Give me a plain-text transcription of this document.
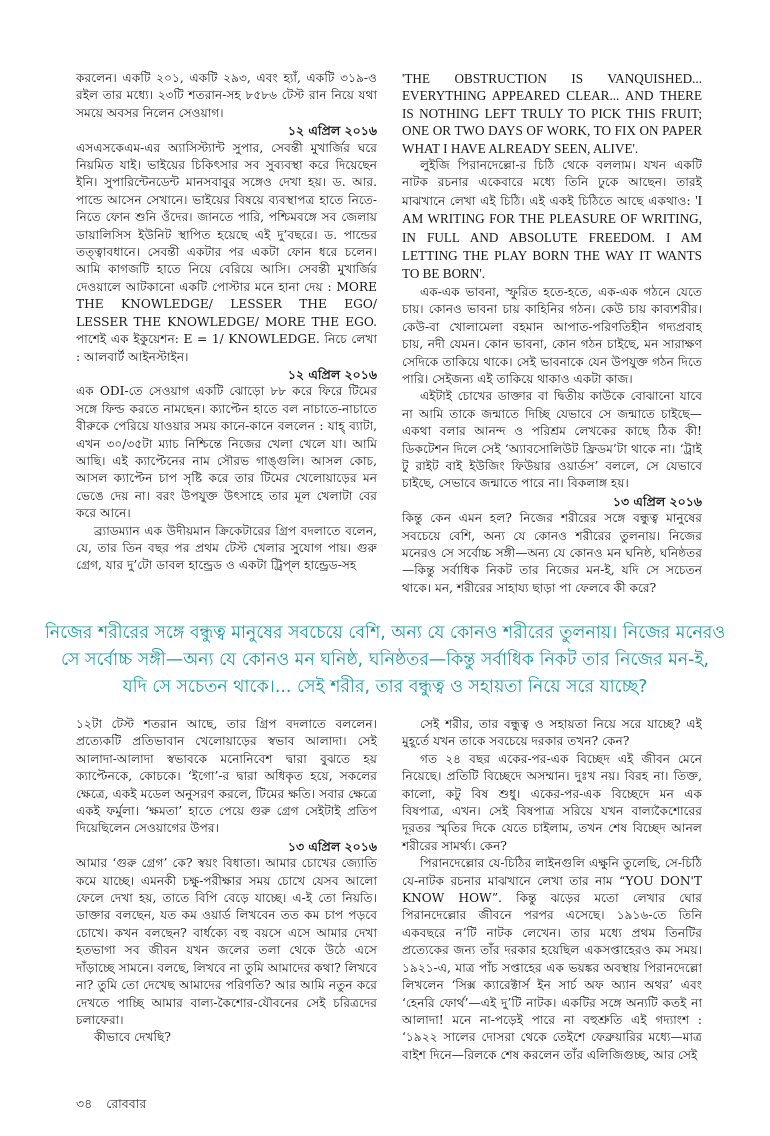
করলেন। একটি ২০১, একটি ২৯৩, এবং হ্যাঁ, একটি ৩১৯-ও রইল তার মধ্যে। ২৩টি শতরান-সহ ৮৫৮৬ টেস্ট রান নিয়ে যথা সময়ে অবসর নিলেন সেওয়াগ।

১২ এপ্রিল ২০১৬

এসএসকেএম-এর অ্যাসিস্ট্যান্ট সুপার, সেবন্তী মুখার্জির ঘরে নিয়মিত যাই। ভাইয়ের চিকিৎসার সব সুব্যবস্থা করে দিয়েছেন ইনি। সুপারিন্টেনডেন্ট মানসবাবুর সঙ্গেও দেখা হয়। ড. আর. পান্ডে আসেন সেখানে। ভাইয়ের বিষয়ে ব্যবস্থাপত্র হাতে নিতে-নিতে ফোন শুনি ওঁদের। জানতে পারি, পশ্চিমবঙ্গে সব জেলায় ডায়ালিসিস ইউনিট স্থাপিত হয়েছে এই দু’বছরে। ড. পান্ডের তত্ত্বাবধানে। সেবন্তী একটার পর একটা ফোন ধরে চলেন। আমি কাগজটি হাতে নিয়ে বেরিয়ে আসি। সেবন্তী মুখার্জির দেওয়ালে আটকানো একটি পোস্টার মনে হানা দেয় : MORE THE KNOWLEDGE/ LESSER THE EGO/ LESSER THE KNOWLEDGE/ MORE THE EGO. পাশেই এক ইকুয়েশন: E = 1/ KNOWLEDGE. নিচে লেখা : আলবার্ট আইনস্টাইন।

১২ এপ্রিল ২০১৬

এক ODI-তে সেওয়াগ একটি ঝোড়ো ৮৮ করে ফিরে টিমের সঙ্গে ফিল্ড করতে নামছেন। ক্যাপ্টেন হাতে বল নাচাতে-নাচাতে বীরুকে পেরিয়ে যাওয়ার সময় কানে-কানে বললেন : যাহ্ ব্যাটা, এখন ৩০/৩৫টা ম্যাচ নিশ্চিন্তে নিজের খেলা খেলে যা। আমি আছি। এই ক্যাপ্টেনের নাম সৌরভ গাঙ্গুলি। আসল কোচ, আসল ক্যাপ্টেন চাপ সৃষ্টি করে তার টিমের খেলোয়াড়ের মন ভেঙে দেয় না। বরং উপযুক্ত উৎসাহে তার মূল খেলাটা বের করে আনে।

ব্র্যাডম্যান এক উদীয়মান ক্রিকেটারের গ্রিপ বদলাতে বলেন, যে, তার তিন বছর পর প্রথম টেস্ট খেলার সুযোগ পায়। গুরু গ্রেগ, যার দু’টো ডাবল হান্ড্রেড ও একটা ট্রিপ্‌ল হান্ড্রেড-সহ

'THE OBSTRUCTION IS VANQUISHED... EVERYTHING APPEARED CLEAR... AND THERE IS NOTHING LEFT TRULY TO PICK THIS FRUIT; ONE OR TWO DAYS OF WORK, TO FIX ON PAPER WHAT I HAVE ALREADY SEEN, ALIVE'.

লুইজি পিরানদেল্লো-র চিঠি থেকে বললাম। যখন একটি নাটক রচনার একেবারে মধ্যে তিনি ঢুকে আছেন। তারই মাঝখানে লেখা এই চিঠি। এই একই চিঠিতে আছে একথাও: 'I AM WRITING FOR THE PLEASURE OF WRITING, IN FULL AND ABSOLUTE FREEDOM. I AM LETTING THE PLAY BORN THE WAY IT WANTS TO BE BORN'.

এক-এক ভাবনা, স্ফুরিত হতে-হতে, এক-এক গঠনে যেতে চায়। কোনও ভাবনা চায় কাহিনির গঠন। কেউ চায় কাব্যশরীর। কেউ-বা খোলামেলা বহমান আপাত-পরিণতিহীন গদ্যপ্রবাহ চায়, নদী যেমন। কোন ভাবনা, কোন গঠন চাইছে, মন সারাক্ষণ সেদিকে তাকিয়ে থাকে। সেই ভাবনাকে যেন উপযুক্ত গঠন দিতে পারি। সেইজন্য এই তাকিয়ে থাকাও একটা কাজ।

এইটাই চোখের ডাক্তার বা দ্বিতীয় কাউকে বোঝানো যাবে না আমি তাকে জন্মাতে দিচ্ছি যেভাবে সে জন্মাতে চাইছে—একথা বলার আনন্দ ও পরিশ্রম লেখকের কাছে ঠিক কী! ডিকটেশন দিলে সেই ‘অ্যাবসোলিউট ফ্রিডম’টা থাকে না। ‘ট্রাই টু রাইট বাই ইউজিং ফিউয়ার ওয়ার্ডস’ বললে, সে যেভাবে চাইছে, সেভাবে জন্মাতে পারে না। বিকলাঙ্গ হয়।

১৩ এপ্রিল ২০১৬

কিন্তু কেন এমন হল? নিজের শরীরের সঙ্গে বন্ধুত্ব মানুষের সবচেয়ে বেশি, অন্য যে কোনও শরীরের তুলনায়। নিজের মনেরও সে সর্বোচ্চ সঙ্গী—অন্য যে কোনও মন ঘনিষ্ঠ, ঘনিষ্ঠতর—কিন্তু সর্বাধিক নিকট তার নিজের মন-ই, যদি সে সচেতন থাকে। মন, শরীরের সাহায্য ছাড়া পা ফেলবে কী করে?

নিজের শরীরের সঙ্গে বন্ধুত্ব মানুষের সবচেয়ে বেশি, অন্য যে কোনও শরীরের তুলনায়। নিজের মনেরও
সে সর্বোচ্চ সঙ্গী—অন্য যে কোনও মন ঘনিষ্ঠ, ঘনিষ্ঠতর—কিন্তু সর্বাধিক নিকট তার নিজের মন-ই,
যদি সে সচেতন থাকে।... সেই শরীর, তার বন্ধুত্ব ও সহায়তা নিয়ে সরে যাচ্ছে?

১২টা টেস্ট শতরান আছে, তার গ্রিপ বদলাতে বললেন। প্রত্যেকটি প্রতিভাবান খেলোয়াড়ের স্বভাব আলাদা। সেই আলাদা-আলাদা স্বভাবকে মনোনিবেশ দ্বারা বুঝতে হয় ক্যাপ্টেনকে, কোচকে। ‘ইগো’-র দ্বারা অধিকৃত হয়ে, সকলের ক্ষেত্রে, একই মডেল অনুসরণ করলে, টিমের ক্ষতি। সবার ক্ষেত্রে একই ফর্মুলা। ‘ক্ষমতা’ হাতে পেয়ে গুরু গ্রেগ সেইটাই প্রতিপ দিয়েছিলেন সেওয়াগের উপর।

১৩ এপ্রিল ২০১৬

আমার ‘গুরু গ্রেগ’ কে? স্বয়ং বিধাতা। আমার চোখের জ্যোতি কমে যাচ্ছে। এমনকী চক্ষু-পরীক্ষার সময় চোখে যেসব আলো ফেলে দেখা হয়, তাতে বিপি বেড়ে যাচ্ছে। এ-ই তো নিয়তি। ডাক্তার বলছেন, যত কম ওয়ার্ড লিখবেন তত কম চাপ পড়বে চোখে। কখন বলছেন? বার্ধক্যে বহু বয়সে এসে আমার দেখা হতভাগা সব জীবন যখন জলের তলা থেকে উঠে এসে দাঁড়াচ্ছে সামনে। বলছে, লিখবে না তুমি আমাদের কথা? লিখবে না? তুমি তো দেখেছ আমাদের পরিণতি? আর আমি নতুন করে দেখতে পাচ্ছি আমার বাল্য-কৈশোর-যৌবনের সেই চরিত্রদের চলাফেরা।

কীভাবে দেখছি?

সেই শরীর, তার বন্ধুত্ব ও সহায়তা নিয়ে সরে যাচ্ছে? এই মুহূর্তে যখন তাকে সবচেয়ে দরকার তখন? কেন?

গত ২৪ বছর একের-পর-এক বিচ্ছেদ এই জীবন মেনে নিয়েছে। প্রতিটি বিচ্ছেদে অসম্মান। দুঃখ নয়। বিরহ না। তিক্ত, কালো, কটু বিষ শুধু। একের-পর-এক বিচ্ছেদে মন এক বিষপাত্র, এখন। সেই বিষপাত্র সরিয়ে যখন বাল্যকৈশোরের দূরতর স্মৃতির দিকে যেতে চাইলাম, তখন শেষ বিচ্ছেদ আনল শরীরের সামর্থ্য। কেন?

পিরানদেল্লোর যে-চিঠির লাইনগুলি এক্ষুনি তুলেছি, সে-চিঠি যে-নাটক রচনার মাঝখানে লেখা তার নাম “YOU DON'T KNOW HOW”. কিন্তু ঝড়ের মতো লেখার ঘোর পিরানদেল্লোর জীবনে পরপর এসেছে। ১৯১৬-তে তিনি একবছরে ন’টি নাটক লেখেন। তার মধ্যে প্রথম তিনটির প্রত্যেকের জন্য তাঁর দরকার হয়েছিল একসপ্তাহেরও কম সময়। ১৯২১-এ, মাত্র পাঁচ সপ্তাহের এক ভয়ঙ্কর অবস্থায় পিরানদেল্লো লিখলেন ‘সিক্স ক্যারেক্টার্স ইন সার্চ অফ অ্যান অথর’ এবং ‘হেনরি ফোর্থ’—এই দু’টি নাটক। একটির সঙ্গে অন্যটি কতই না আলাদা! মনে না-পড়েই পারে না বহুশ্রুতি এই গদ্যাংশ : ‘১৯২২ সালের দোসরা থেকে তেইশে ফেব্রুয়ারির মধ্যে—মাত্র বাইশ দিনে—রিলকে শেষ করলেন তাঁর এলিজিগুচ্ছ, আর সেই

৩৪ রোববার
